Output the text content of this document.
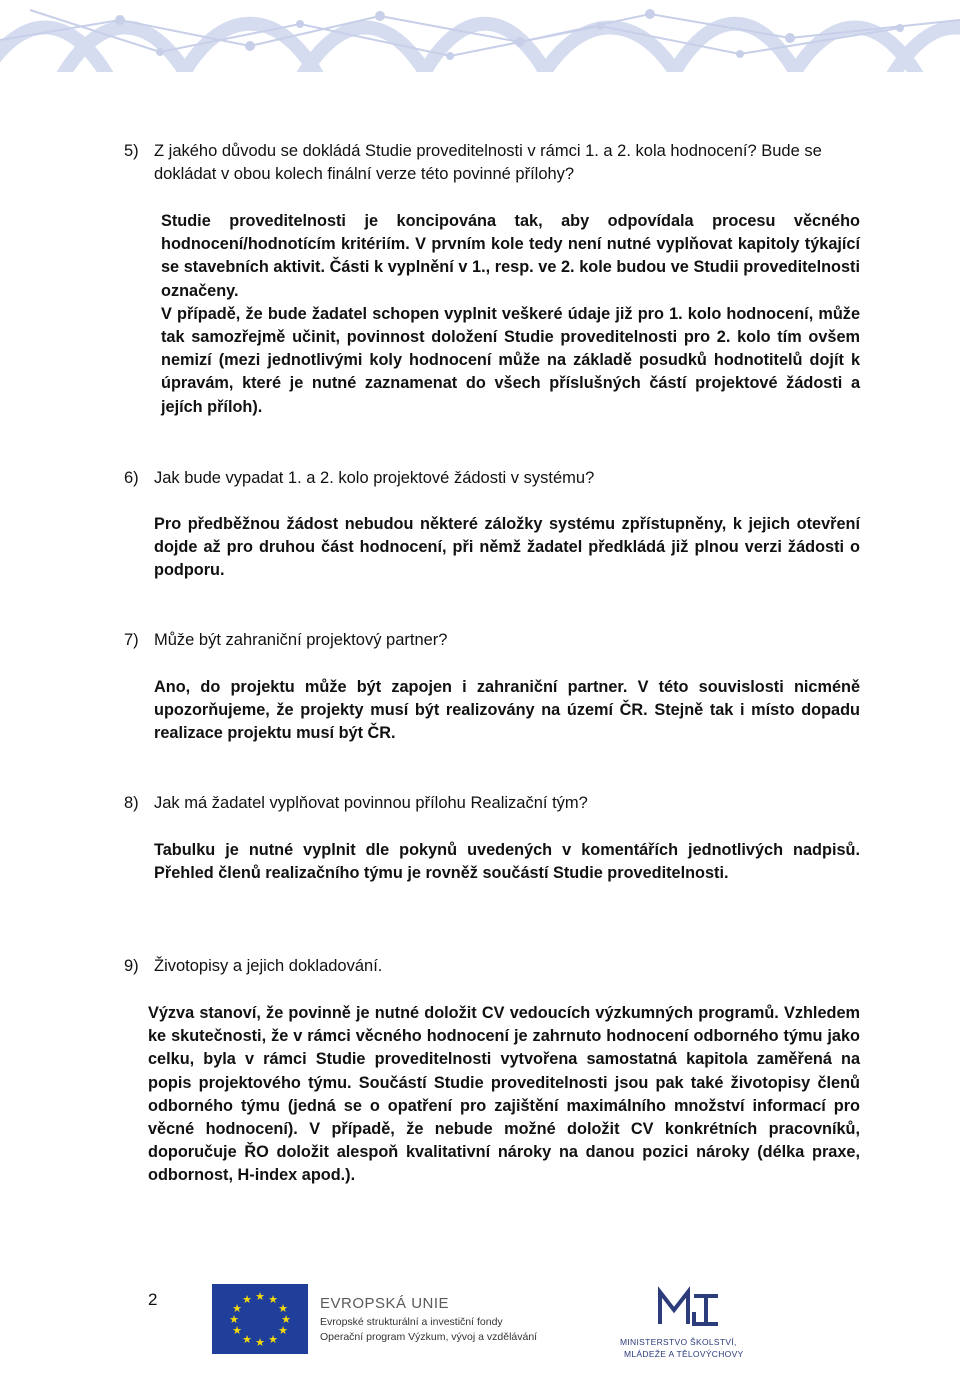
5) Z jakého důvodu se dokládá Studie proveditelnosti v rámci 1. a 2. kola hodnocení? Bude se dokládat v obou kolech finální verze této povinné přílohy?

Studie proveditelnosti je koncipována tak, aby odpovídala procesu věcného hodnocení/hodnotícím kritériím. V prvním kole tedy není nutné vyplňovat kapitoly týkající se stavebních aktivit. Části k vyplnění v 1., resp. ve 2. kole budou ve Studii proveditelnosti označeny.

V případě, že bude žadatel schopen vyplnit veškeré údaje již pro 1. kolo hodnocení, může tak samozřejmě učinit, povinnost doložení Studie proveditelnosti pro 2. kolo tím ovšem nemizí (mezi jednotlivými koly hodnocení může na základě posudků hodnotitelů dojít k úpravám, které je nutné zaznamenat do všech příslušných částí projektové žádosti a jejích příloh).

6) Jak bude vypadat 1. a 2. kolo projektové žádosti v systému?

Pro předběžnou žádost nebudou některé záložky systému zpřístupněny, k jejich otevření dojde až pro druhou část hodnocení, při němž žadatel předkládá již plnou verzi žádosti o podporu.

7) Může být zahraniční projektový partner?

Ano, do projektu může být zapojen i zahraniční partner. V této souvislosti nicméně upozorňujeme, že projekty musí být realizovány na území ČR. Stejně tak i místo dopadu realizace projektu musí být ČR.

8) Jak má žadatel vyplňovat povinnou přílohu Realizační tým?

Tabulku je nutné vyplnit dle pokynů uvedených v komentářích jednotlivých nadpisů. Přehled členů realizačního týmu je rovněž součástí Studie proveditelnosti.

9) Životopisy a jejich dokladování.

Výzva stanoví, že povinně je nutné doložit CV vedoucích výzkumných programů. Vzhledem ke skutečnosti, že v rámci věcného hodnocení je zahrnuto hodnocení odborného týmu jako celku, byla v rámci Studie proveditelnosti vytvořena samostatná kapitola zaměřená na popis projektového týmu. Součástí Studie proveditelnosti jsou pak také životopisy členů odborného týmu (jedná se o opatření pro zajištění maximálního množství informací pro věcné hodnocení). V případě, že nebude možné doložit CV konkrétních pracovníků, doporučuje ŘO doložit alespoň kvalitativní nároky na danou pozici nároky (délka praxe, odbornost, H-index apod.).

2	★ ★
★
★
★
★
★
★
★
★
★
★	EVROPSKÁ UNIE
Evropské strukturální a investiční fondy
Operační program Výzkum, vývoj a vzdělávání	MINISTERSTVO ŠKOLSTVÍ,
MLÁDEŽE A TĚLOVÝCHOVY
